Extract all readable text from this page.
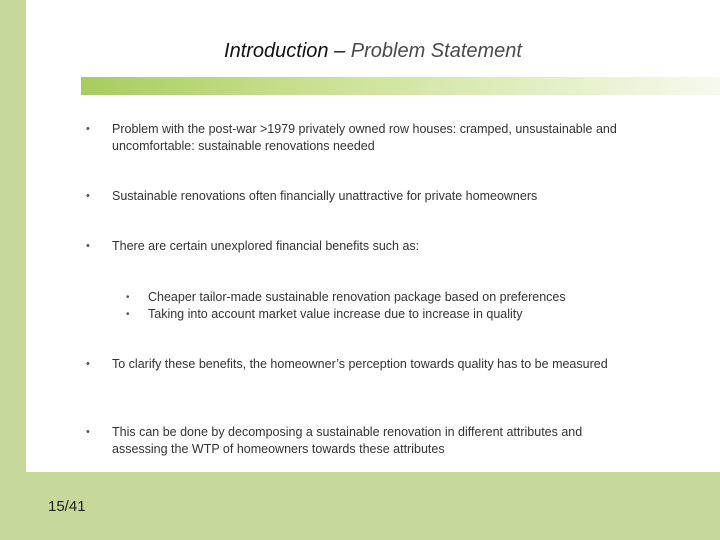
Introduction – Problem Statement
• Problem with the post-war >1979 privately owned row houses: cramped, unsustainable and uncomfortable: sustainable renovations needed
• Sustainable renovations often financially unattractive for private homeowners
• There are certain unexplored financial benefits such as:
• Cheaper tailor-made sustainable renovation package based on preferences
• Taking into account market value increase due to increase in quality
• To clarify these benefits, the homeowner’s perception towards quality has to be measured
• This can be done by decomposing a sustainable renovation in different attributes and assessing the WTP of homeowners towards these attributes
15/41
